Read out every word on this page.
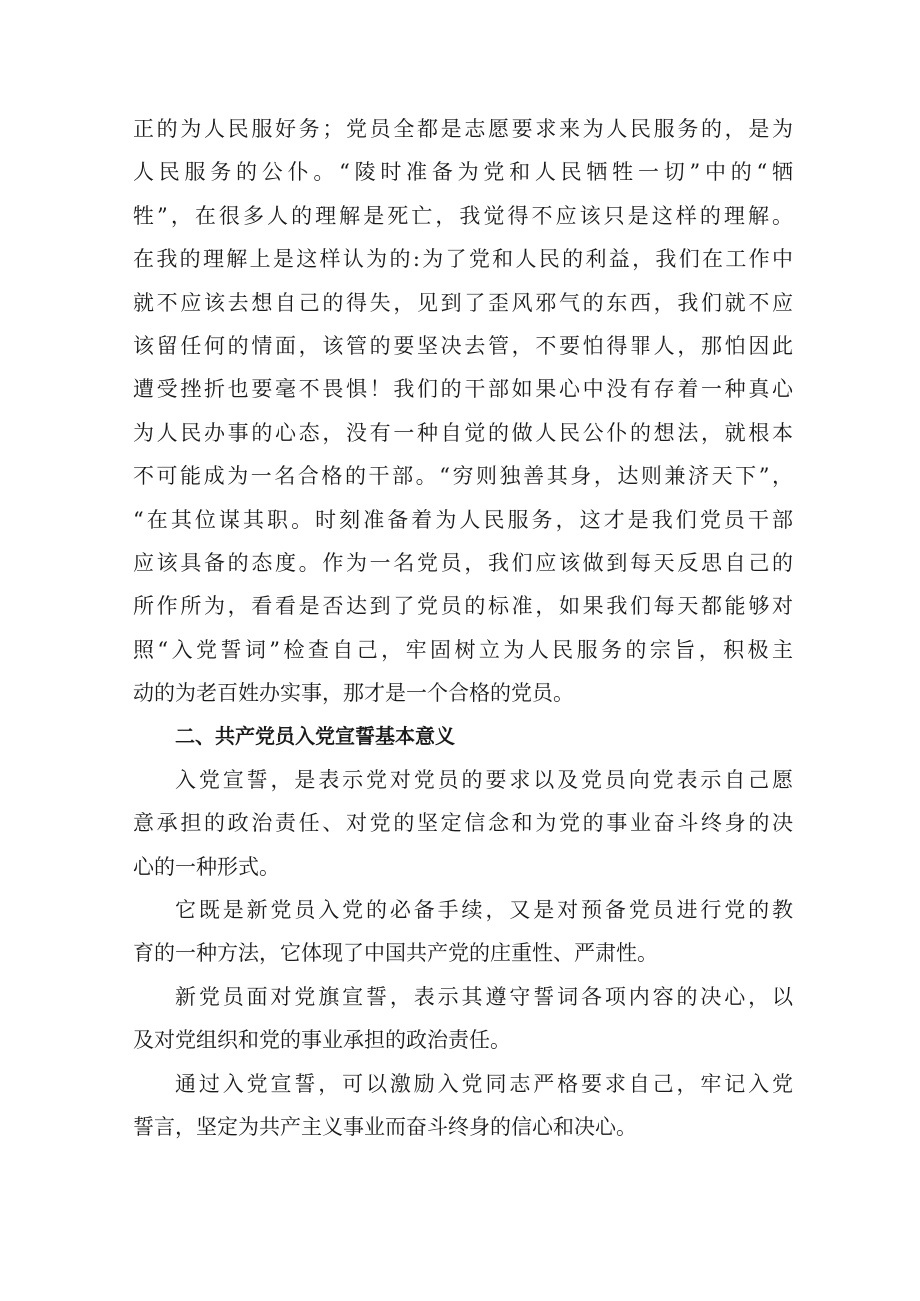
正的为人民服好务；党员全都是志愿要求来为人民服务的，是为
人民服务的公仆。“陵时准备为党和人民牺牲一切”中的“牺
牲”，在很多人的理解是死亡，我觉得不应该只是这样的理解。
在我的理解上是这样认为的:为了党和人民的利益，我们在工作中
就不应该去想自己的得失，见到了歪风邪气的东西，我们就不应
该留任何的情面，该管的要坚决去管，不要怕得罪人，那怕因此
遭受挫折也要毫不畏惧！我们的干部如果心中没有存着一种真心
为人民办事的心态，没有一种自觉的做人民公仆的想法，就根本
不可能成为一名合格的干部。“穷则独善其身，达则兼济天下”，
“在其位谋其职。时刻准备着为人民服务，这才是我们党员干部
应该具备的态度。作为一名党员，我们应该做到每天反思自己的
所作所为，看看是否达到了党员的标准，如果我们每天都能够对
照“入党誓词”检查自己，牢固树立为人民服务的宗旨，积极主
动的为老百姓办实事，那才是一个合格的党员。
二、共产党员入党宣誓基本意义
入党宣誓，是表示党对党员的要求以及党员向党表示自己愿
意承担的政治责任、对党的坚定信念和为党的事业奋斗终身的决
心的一种形式。
它既是新党员入党的必备手续，又是对预备党员进行党的教
育的一种方法，它体现了中国共产党的庄重性、严肃性。
新党员面对党旗宣誓，表示其遵守誓词各项内容的决心，以
及对党组织和党的事业承担的政治责任。
通过入党宣誓，可以激励入党同志严格要求自己，牢记入党
誓言，坚定为共产主义事业而奋斗终身的信心和决心。
